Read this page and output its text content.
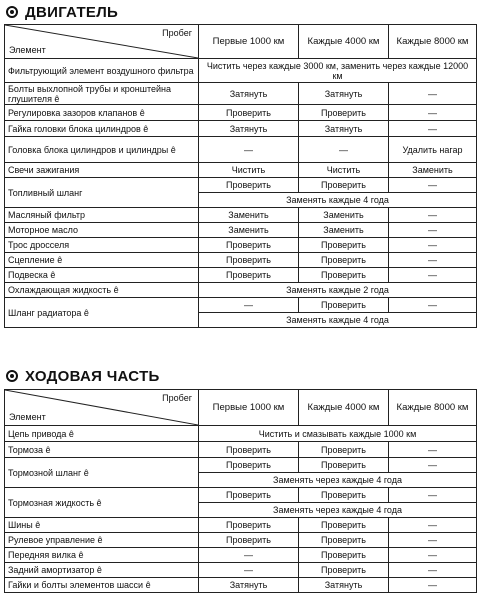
ДВИГАТЕЛЬ
Пробег
Элемент	Первые 1000 км	Каждые 4000 км	Каждые 8000 км
Фильтрующий элемент воздушного фильтра	Чистить через каждые 3000 км, заменить через каждые 12000 км		
Болты выхлопной трубы и кронштейна глушителя ê	Затянуть	Затянуть	—
Регулировка зазоров клапанов ê	Проверить	Проверить	—
Гайка головки блока цилиндров ê	Затянуть	Затянуть	—
Головка блока цилиндров и цилиндры ê	—	—	Удалить нагар
Свечи зажигания	Чистить	Чистить	Заменить
Топливный шланг	Проверить	Проверить	—
	Заменять каждые 4 года		
Масляный фильтр	Заменить	Заменить	—
Моторное масло	Заменить	Заменить	—
Трос дросселя	Проверить	Проверить	—
Сцепление ê	Проверить	Проверить	—
Подвеска ê	Проверить	Проверить	—
Охлаждающая жидкость ê	Заменять каждые 2 года		
Шланг радиатора ê	—	Проверить	—
	Заменять каждые 4 года		
ХОДОВАЯ ЧАСТЬ
Пробег
Элемент	Первые 1000 км	Каждые 4000 км	Каждые 8000 км
Цепь привода ê	Чистить и смазывать каждые 1000 км		
Тормоза ê	Проверить	Проверить	—
Тормозной шланг ê	Проверить	Проверить	—
	Заменять через каждые 4 года		
Тормозная жидкость ê	Проверить	Проверить	—
	Заменять через каждые 4 года		
Шины ê	Проверить	Проверить	—
Рулевое управление ê	Проверить	Проверить	—
Передняя вилка ê	—	Проверить	—
Задний амортизатор ê	—	Проверить	—
Гайки и болты элементов шасси ê	Затянуть	Затянуть	—
